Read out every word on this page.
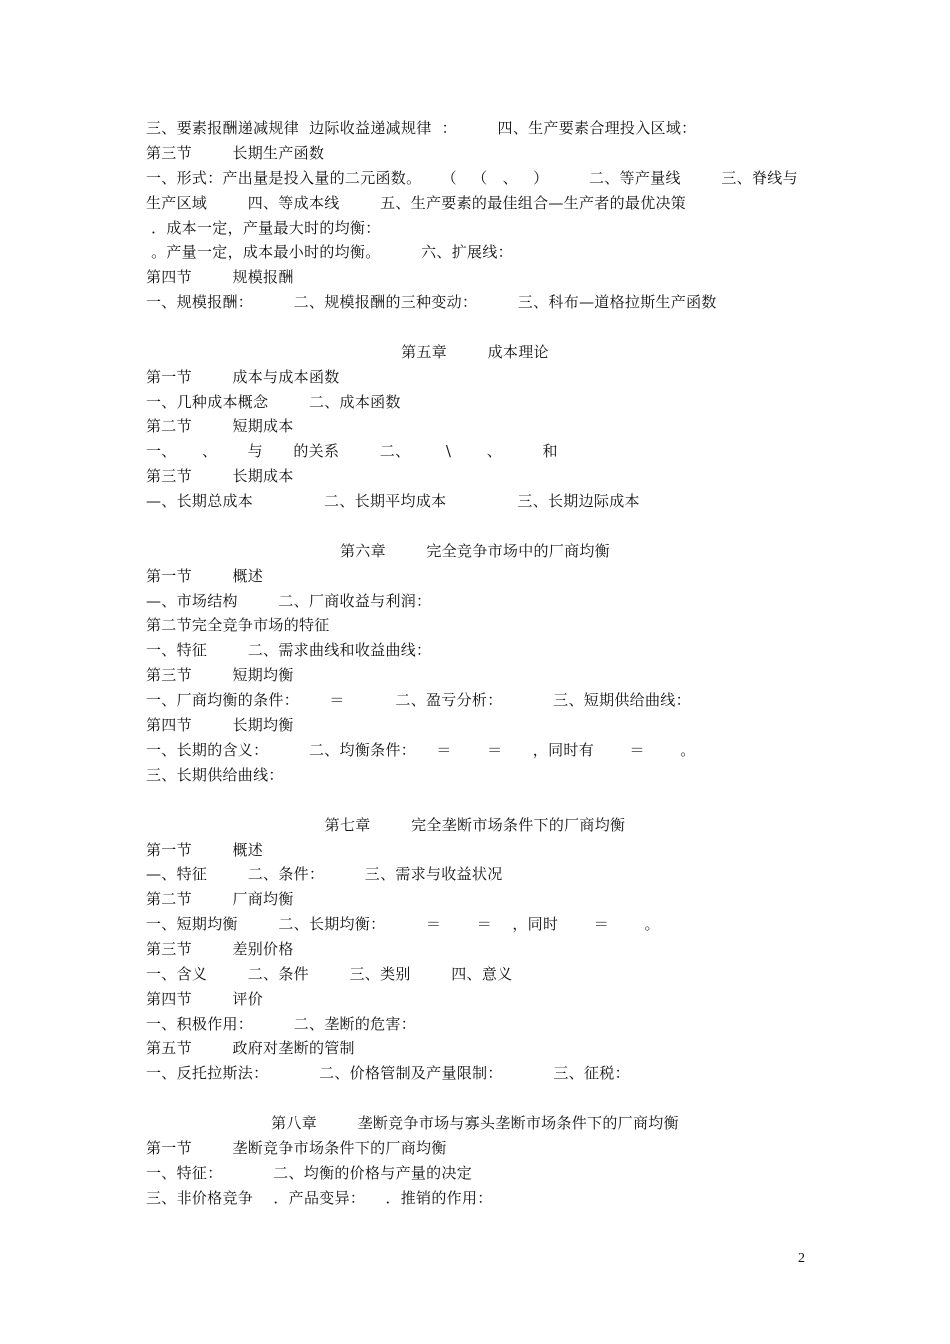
三、要素报酬递减规律  边际收益递减规律  ：        四、生产要素合理投入区域：
第三节        长期生产函数
一、形式：产出量是投入量的二元函数。    （   （   、   ）        二、等产量线        三、脊线与
生产区域        四、等成本线        五、生产要素的最佳组合—生产者的最优决策
．成本一定，产量最大时的均衡：
。产量一定，成本最小时的均衡。        六、扩展线：
第四节        规模报酬
一、规模报酬：        二、规模报酬的三种变动：        三、科布—道格拉斯生产函数
第五章        成本理论
第一节        成本与成本函数
一、几种成本概念        二、成本函数
第二节        短期成本
一、     、      与      的关系        二、       \       、        和
第三节        长期成本
—、长期总成本              二、长期平均成本              三、长期边际成本
第六章        完全竞争市场中的厂商均衡
第一节        概述
—、市场结构        二、厂商收益与利润：
第二节完全竞争市场的特征
一、特征        二、需求曲线和收益曲线：
第三节        短期均衡
一、厂商均衡的条件：      ＝          二、盈亏分析：          三、短期供给曲线：
第四节        长期均衡
一、长期的含义：        二、均衡条件：    ＝       ＝      ，同时有       ＝       。
三、长期供给曲线：
第七章        完全垄断市场条件下的厂商均衡
第一节        概述
—、特征        二、条件：        三、需求与收益状况
第二节        厂商均衡
一、短期均衡        二、长期均衡：        ＝       ＝    ，同时       ＝       。
第三节        差别价格
一、含义        二、条件        三、类别        四、意义
第四节        评价
一、积极作用：        二、垄断的危害：
第五节        政府对垄断的管制
一、反托拉斯法：          二、价格管制及产量限制：          三、征税：
第八章        垄断竞争市场与寡头垄断市场条件下的厂商均衡
第一节        垄断竞争市场条件下的厂商均衡
一、特征：          二、均衡的价格与产量的决定
三、非价格竞争    ．产品变异：    ．推销的作用：
2
